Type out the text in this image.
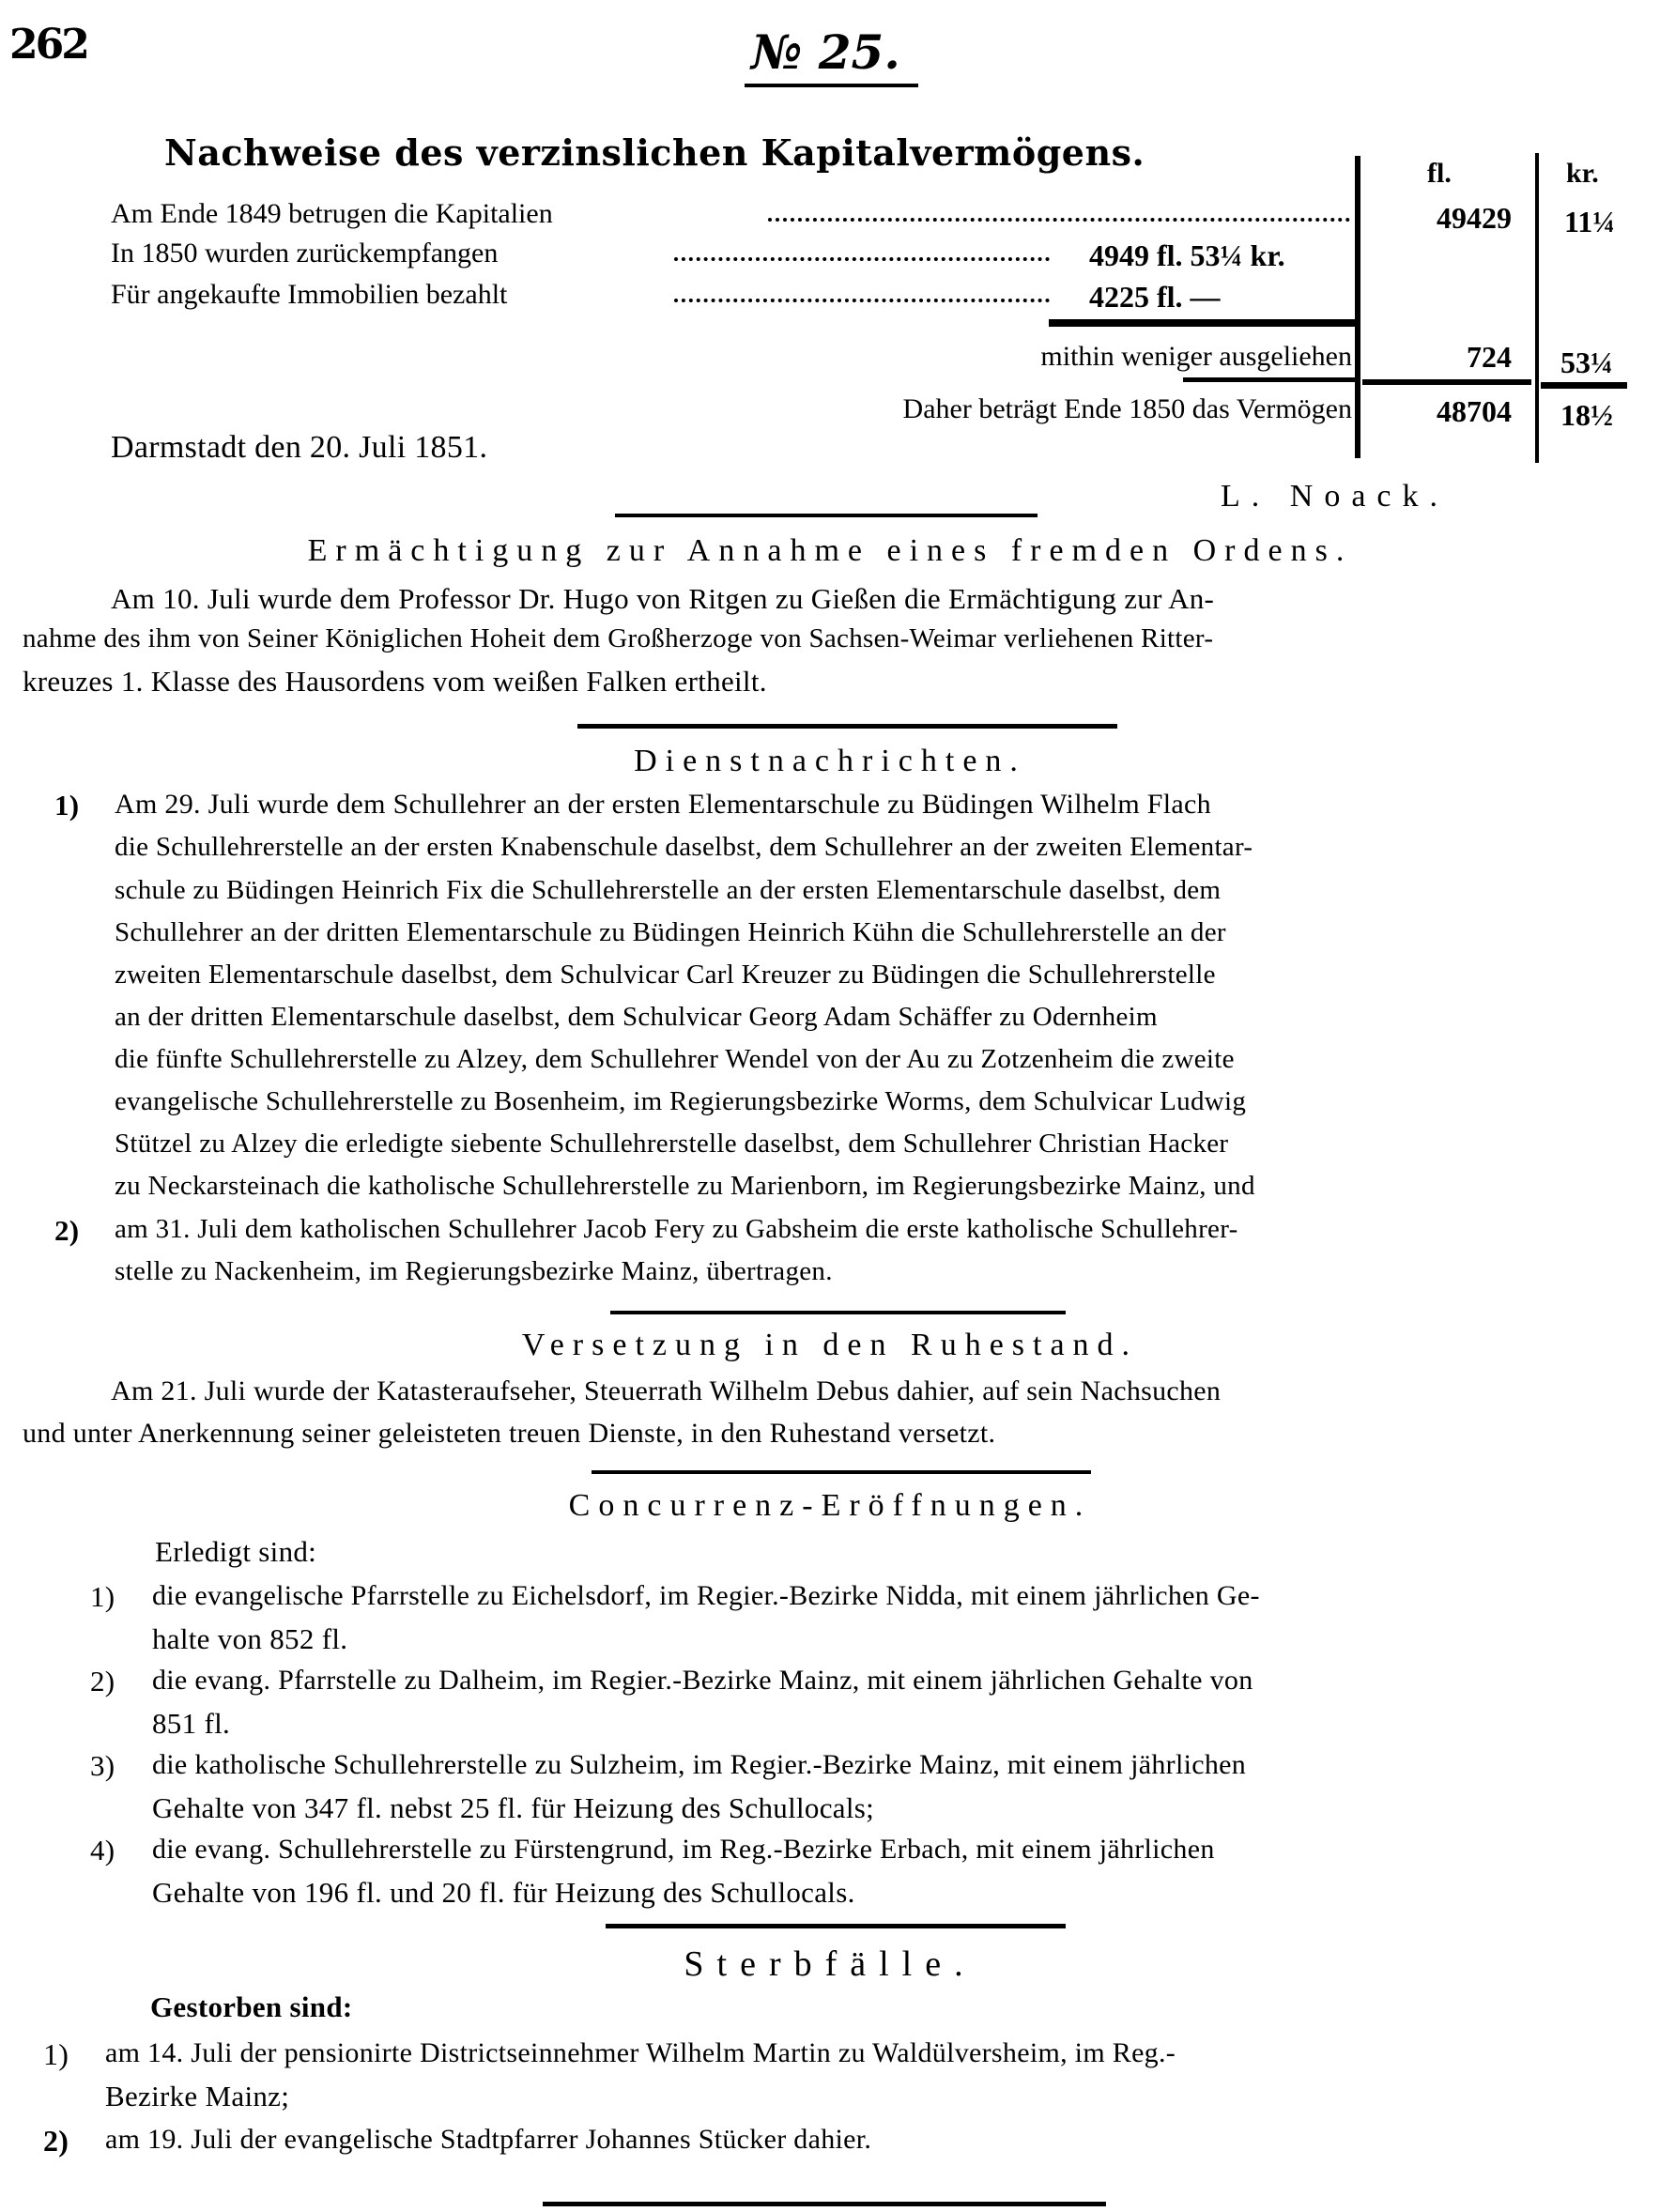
262	№ 25.
Nachweise des verzinslichen Kapitalvermögens.	fl.	kr.
Am Ende 1849 betrugen die Kapitalien	49429 11¼
In 1850 wurden zurückempfangen	4949 fl. 53¼ kr.
Für angekaufte Immobilien bezahlt	4225 fl. —
mithin weniger ausgeliehen	724 53¼
Daher beträgt Ende 1850 das Vermögen	48704 18½
Darmstadt den 20. Juli 1851.
L. Noack.
Ermächtigung zur Annahme eines fremden Ordens.
Am 10. Juli wurde dem Professor Dr. Hugo von Ritgen zu Gießen die Ermächtigung zur An-
nahme des ihm von Seiner Königlichen Hoheit dem Großherzoge von Sachsen-Weimar verliehenen Ritter-
kreuzes 1. Klasse des Hausordens vom weißen Falken ertheilt.
Dienstnachrichten.
1) Am 29. Juli wurde dem Schullehrer an der ersten Elementarschule zu Büdingen Wilhelm Flach
die Schullehrerstelle an der ersten Knabenschule daselbst, dem Schullehrer an der zweiten Elementar-
schule zu Büdingen Heinrich Fix die Schullehrerstelle an der ersten Elementarschule daselbst, dem
Schullehrer an der dritten Elementarschule zu Büdingen Heinrich Kühn die Schullehrerstelle an der
zweiten Elementarschule daselbst, dem Schulvicar Carl Kreuzer zu Büdingen die Schullehrerstelle
an der dritten Elementarschule daselbst, dem Schulvicar Georg Adam Schäffer zu Odernheim
die fünfte Schullehrerstelle zu Alzey, dem Schullehrer Wendel von der Au zu Zotzenheim die zweite
evangelische Schullehrerstelle zu Bosenheim, im Regierungsbezirke Worms, dem Schulvicar Ludwig
Stützel zu Alzey die erledigte siebente Schullehrerstelle daselbst, dem Schullehrer Christian Hacker
zu Neckarsteinach die katholische Schullehrerstelle zu Marienborn, im Regierungsbezirke Mainz, und
2) am 31. Juli dem katholischen Schullehrer Jacob Fery zu Gabsheim die erste katholische Schullehrer-
stelle zu Nackenheim, im Regierungsbezirke Mainz, übertragen.
Versetzung in den Ruhestand.
Am 21. Juli wurde der Katasteraufseher, Steuerrath Wilhelm Debus dahier, auf sein Nachsuchen
und unter Anerkennung seiner geleisteten treuen Dienste, in den Ruhestand versetzt.
Concurrenz-Eröffnungen.
Erledigt sind:
1) die evangelische Pfarrstelle zu Eichelsdorf, im Regier.-Bezirke Nidda, mit einem jährlichen Ge-
halte von 852 fl.
2) die evang. Pfarrstelle zu Dalheim, im Regier.-Bezirke Mainz, mit einem jährlichen Gehalte von
851 fl.
3) die katholische Schullehrerstelle zu Sulzheim, im Regier.-Bezirke Mainz, mit einem jährlichen
Gehalte von 347 fl. nebst 25 fl. für Heizung des Schullocals;
4) die evang. Schullehrerstelle zu Fürstengrund, im Reg.-Bezirke Erbach, mit einem jährlichen
Gehalte von 196 fl. und 20 fl. für Heizung des Schullocals.
Sterbfälle.
Gestorben sind:
1) am 14. Juli der pensionirte Districtseinnehmer Wilhelm Martin zu Waldülversheim, im Reg.-
Bezirke Mainz;
2) am 19. Juli der evangelische Stadtpfarrer Johannes Stücker dahier.
